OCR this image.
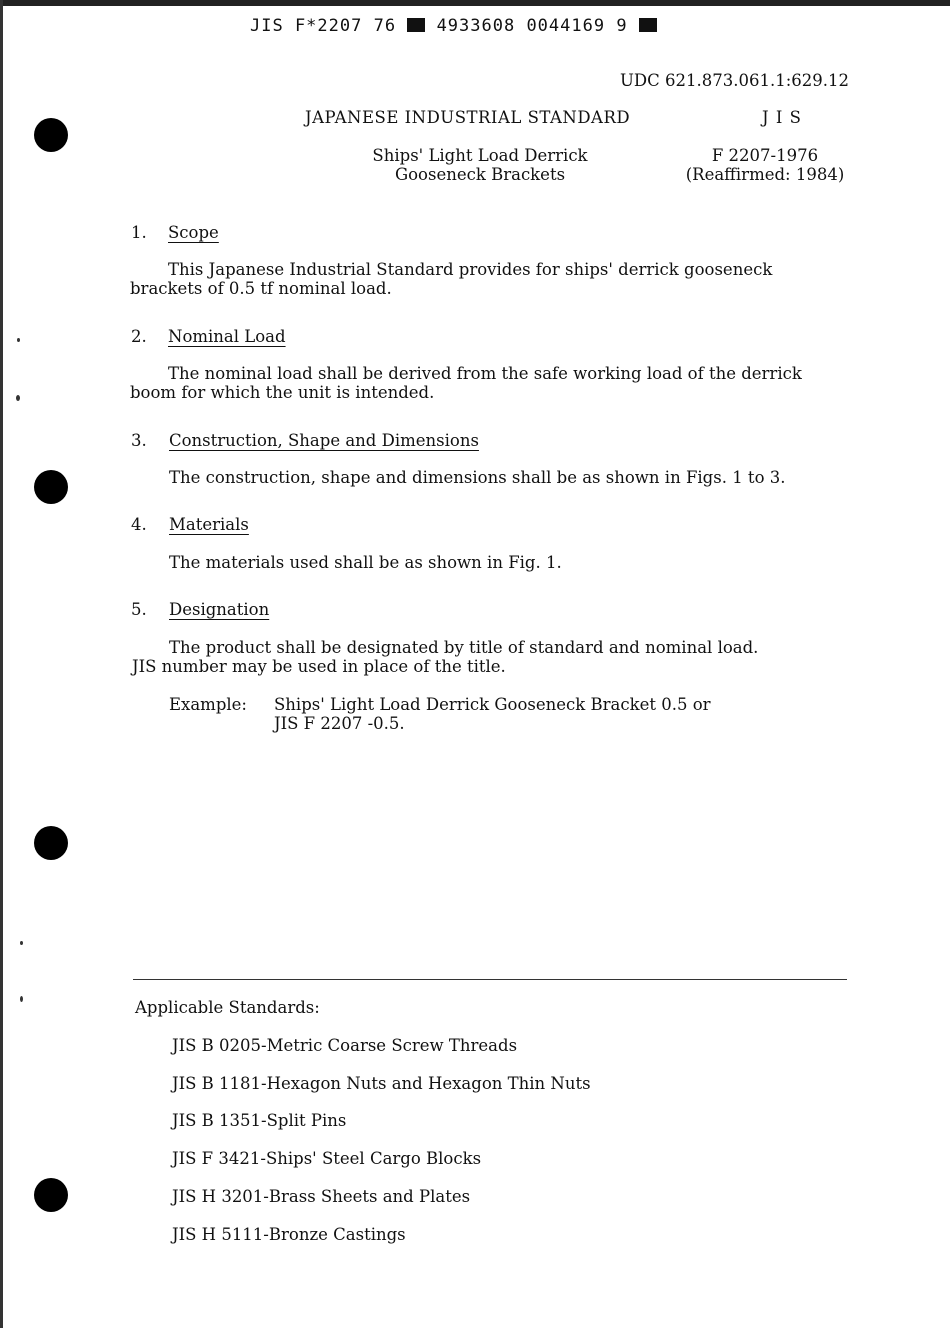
JIS F*2207 76 4933608 0044169 9
UDC 621.873.061.1:629.12
JAPANESE INDUSTRIAL STANDARD	J I S
Ships' Light Load Derrick
Gooseneck Brackets
F 2207-1976
(Reaffirmed: 1984)
1. Scope
This Japanese Industrial Standard provides for ships' derrick gooseneck
brackets of 0.5 tf nominal load.
2. Nominal Load
The nominal load shall be derived from the safe working load of the derrick
boom for which the unit is intended.
3. Construction, Shape and Dimensions
The construction, shape and dimensions shall be as shown in Figs. 1 to 3.
4. Materials
The materials used shall be as shown in Fig. 1.
5. Designation
The product shall be designated by title of standard and nominal load.
JIS number may be used in place of the title.
Example: Ships' Light Load Derrick Gooseneck Bracket 0.5 or
JIS F 2207 -0.5.
Applicable Standards:
JIS B 0205-Metric Coarse Screw Threads
JIS B 1181-Hexagon Nuts and Hexagon Thin Nuts
JIS B 1351-Split Pins
JIS F 3421-Ships' Steel Cargo Blocks
JIS H 3201-Brass Sheets and Plates
JIS H 5111-Bronze Castings
